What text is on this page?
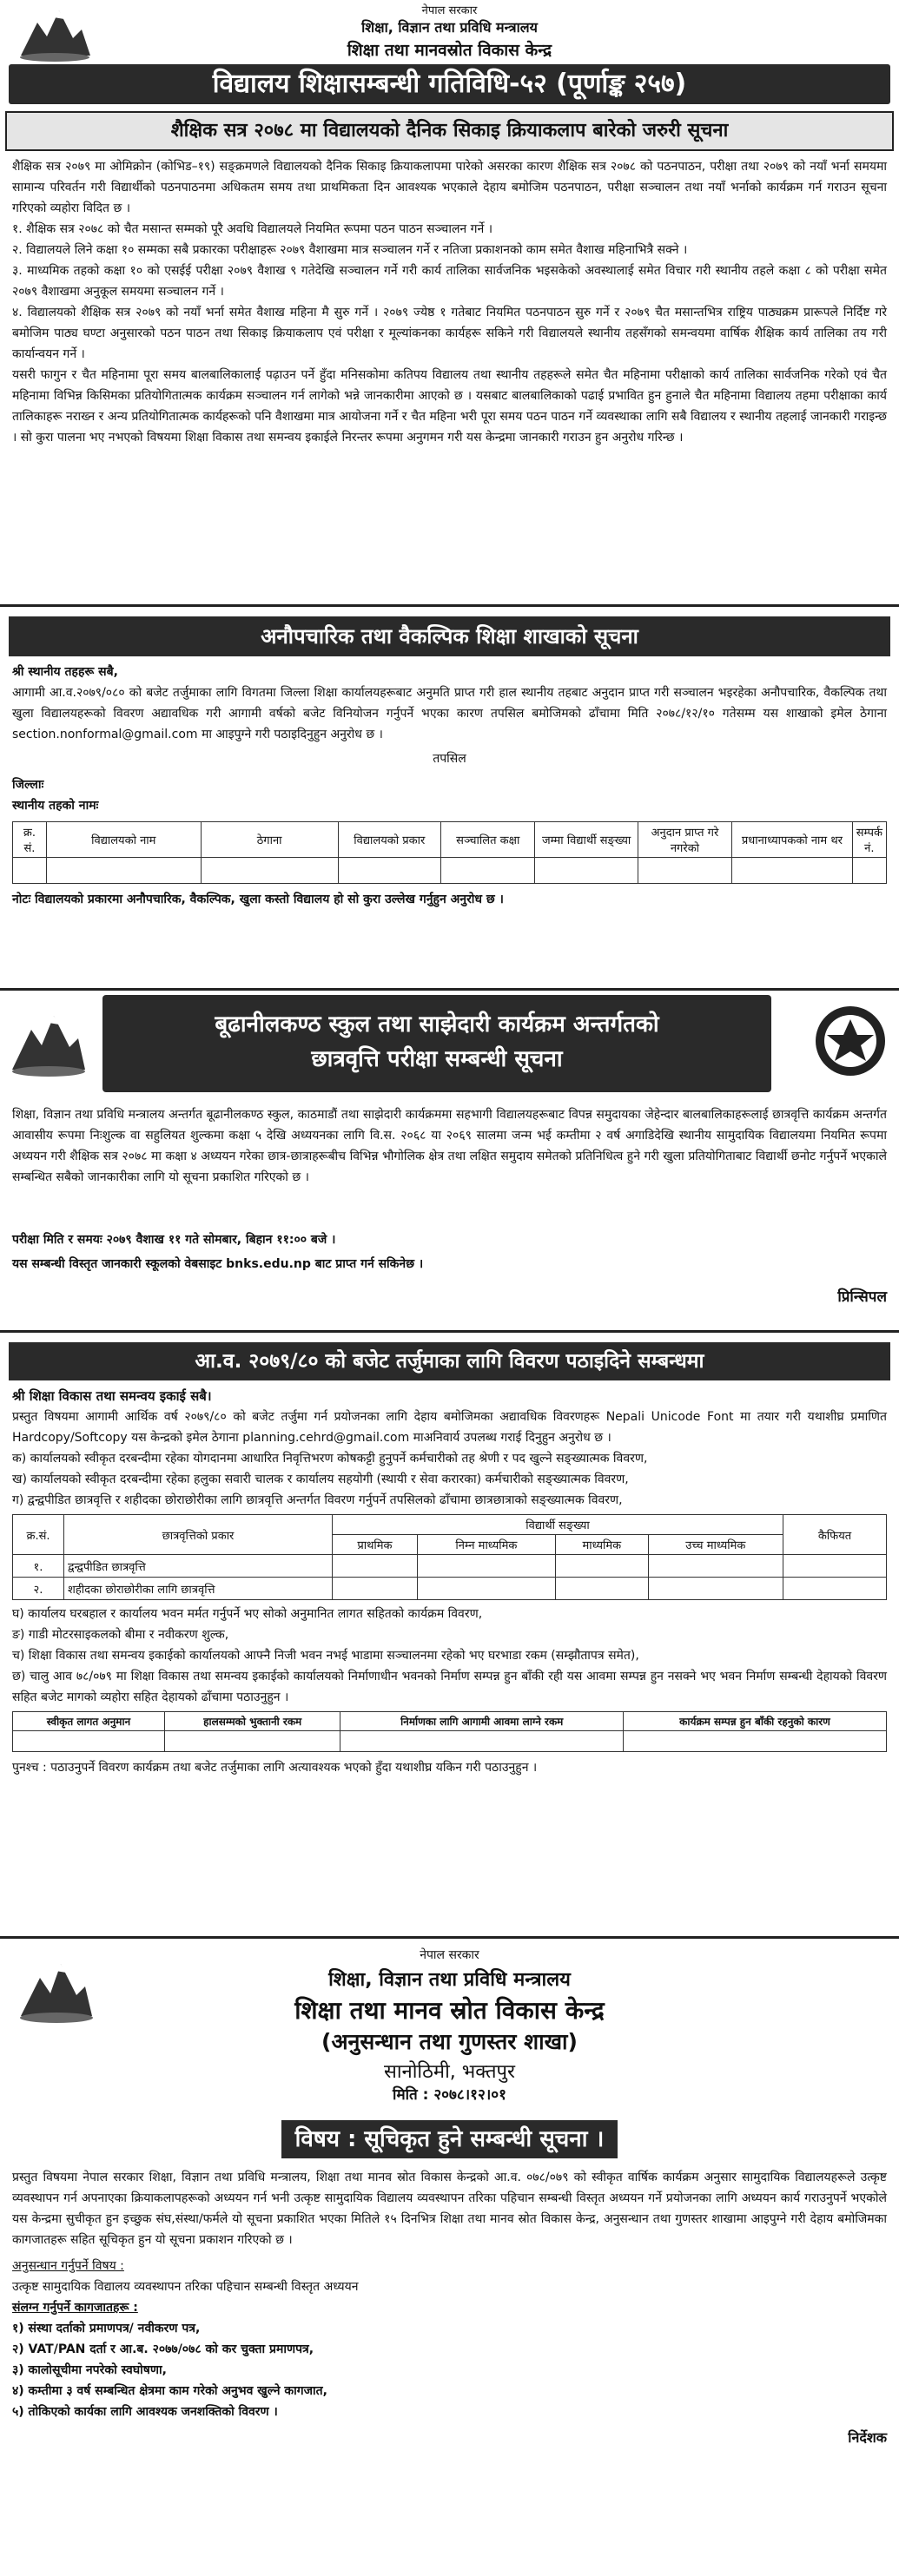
नेपाल सरकार
शिक्षा, विज्ञान तथा प्रविधि मन्त्रालय
शिक्षा तथा मानवस्रोत विकास केन्द्र
विद्यालय शिक्षासम्बन्धी गतिविधि-५२ (पूर्णाङ्क २५७)
शैक्षिक सत्र २०७८ मा विद्यालयको दैनिक सिकाइ क्रियाकलाप बारेको जरुरी सूचना

शैक्षिक सत्र २०७९ मा ओमिक्रोन (कोभिड–१९) सङ्क्रमणले विद्यालयको दैनिक सिकाइ क्रियाकलापमा पारेको असरका कारण शैक्षिक सत्र २०७८ को पठनपाठन, परीक्षा तथा २०७९ को नयाँ भर्ना समयमा सामान्य परिवर्तन गरी विद्यार्थीको पठनपाठनमा अधिकतम समय तथा प्राथमिकता दिन आवश्यक भएकाले देहाय बमोजिम पठनपाठन, परीक्षा सञ्चालन तथा नयाँ भर्नाको कार्यक्रम गर्न गराउन सूचना गरिएको व्यहोरा विदित छ ।

१. शैक्षिक सत्र २०७८ को चैत मसान्त सम्मको पूरै अवधि विद्यालयले नियमित रूपमा पठन पाठन सञ्चालन गर्ने ।
२. विद्यालयले लिने कक्षा १० सम्मका सबै प्रकारका परीक्षाहरू २०७९ वैशाखमा मात्र सञ्चालन गर्ने र नतिजा प्रकाशनको काम समेत वैशाख महिनाभित्रै सक्ने ।
३. माध्यमिक तहको कक्षा १० को एसईई परीक्षा २०७९ वैशाख ९ गतेदेखि सञ्चालन गर्ने गरी कार्य तालिका सार्वजनिक भइसकेको अवस्थालाई समेत विचार गरी स्थानीय तहले कक्षा ८ को परीक्षा समेत २०७९ वैशाखमा अनुकूल समयमा सञ्चालन गर्ने ।
४. विद्यालयको शैक्षिक सत्र २०७९ को नयाँ भर्ना समेत वैशाख महिना मै सुरु गर्ने । २०७९ ज्येष्ठ १ गतेबाट नियमित पठनपाठन सुरु गर्ने र २०७९ चैत मसान्तभित्र राष्ट्रिय पाठ्यक्रम प्रारूपले निर्दिष्ट गरे बमोजिम पाठ्य घण्टा अनुसारको पठन पाठन तथा सिकाइ क्रियाकलाप एवं परीक्षा र मूल्यांकनका कार्यहरू सकिने गरी विद्यालयले स्थानीय तहसँगको समन्वयमा वार्षिक शैक्षिक कार्य तालिका तय गरी कार्यान्वयन गर्ने ।

यसरी फागुन र चैत महिनामा पूरा समय बालबालिकालाई पढ़ाउन पर्ने हुँदा मनिसकोमा कतिपय विद्यालय तथा स्थानीय तहहरूले समेत चैत महिनामा परीक्षाको कार्य तालिका सार्वजनिक गरेको एवं चैत महिनामा विभिन्न किसिमका प्रतियोगितात्मक कार्यक्रम सञ्चालन गर्न लागेको भन्ने जानकारीमा आएको छ । यसबाट बालबालिकाको पढाई प्रभावित हुन हुनाले चैत महिनामा विद्यालय तहमा परीक्षाका कार्य तालिकाहरू नराख्न र अन्य प्रतियोगितात्मक कार्यहरूको पनि वैशाखमा मात्र आयोजना गर्ने र चैत महिना भरी पूरा समय पठन पाठन गर्ने व्यवस्थाका लागि सबै विद्यालय र स्थानीय तहलाई जानकारी गराइन्छ । सो कुरा पालना भए नभएको विषयमा शिक्षा विकास तथा समन्वय इकाईले निरन्तर रूपमा अनुगमन गरी यस केन्द्रमा जानकारी गराउन हुन अनुरोध गरिन्छ ।

अनौपचारिक तथा वैकल्पिक शिक्षा शाखाको सूचना

श्री स्थानीय तहहरू सबै,

आगामी आ.व.२०७९/०८० को बजेट तर्जुमाका लागि विगतमा जिल्ला शिक्षा कार्यालयहरूबाट अनुमति प्राप्त गरी हाल स्थानीय तहबाट अनुदान प्राप्त गरी सञ्चालन भइरहेका अनौपचारिक, वैकल्पिक तथा खुला विद्यालयहरूको विवरण अद्यावधिक गरी आगामी वर्षको बजेट विनियोजन गर्नुपर्ने भएका कारण तपसिल बमोजिमको ढाँचामा मिति २०७८/१२/१० गतेसम्म यस शाखाको इमेल ठेगाना section.nonformal@gmail.com मा आइपुग्ने गरी पठाइदिनुहुन अनुरोध छ ।

तपसिल

जिल्लाः

स्थानीय तहको नामः

क्र. सं.	विद्यालयको नाम	ठेगाना	विद्यालयको प्रकार	सञ्चालित कक्षा	जम्मा विद्यार्थी सङ्ख्या	अनुदान प्राप्त गरे नगरेको	प्रधानाध्यापकको नाम थर	सम्पर्क नं.

नोटः विद्यालयको प्रकारमा अनौपचारिक, वैकल्पिक, खुला कस्तो विद्यालय हो सो कुरा उल्लेख गर्नुहुन अनुरोध छ ।

बूढानीलकण्ठ स्कुल तथा साझेदारी कार्यक्रम अन्तर्गतको
छात्रवृत्ति परीक्षा सम्बन्धी सूचना

शिक्षा, विज्ञान तथा प्रविधि मन्त्रालय अन्तर्गत बूढानीलकण्ठ स्कुल, काठमाडौं तथा साझेदारी कार्यक्रममा सहभागी विद्यालयहरूबाट विपन्न समुदायका जेहेन्दार बालबालिकाहरूलाई छात्रवृत्ति कार्यक्रम अन्तर्गत आवासीय रूपमा निःशुल्क वा सहुलियत शुल्कमा कक्षा ५ देखि अध्ययनका लागि वि.स. २०६८ या २०६९ सालमा जन्म भई कम्तीमा २ वर्ष अगाडिदेखि स्थानीय सामुदायिक विद्यालयमा नियमित रूपमा अध्ययन गरी शैक्षिक सत्र २०७८ मा कक्षा ४ अध्ययन गरेका छात्र-छात्राहरूबीच विभिन्न भौगोलिक क्षेत्र तथा लक्षित समुदाय समेतको प्रतिनिधित्व हुने गरी खुला प्रतियोगिताबाट विद्यार्थी छनोट गर्नुपर्ने भएकाले सम्बन्धित सबैको जानकारीका लागि यो सूचना प्रकाशित गरिएको छ ।

परीक्षा मिति र समयः २०७९ वैशाख ११ गते सोमबार, बिहान ११:०० बजे ।

यस सम्बन्धी विस्तृत जानकारी स्कूलको वेबसाइट bnks.edu.np बाट प्राप्त गर्न सकिनेछ ।

प्रिन्सिपल

आ.व. २०७९/८० को बजेट तर्जुमाका लागि विवरण पठाइदिने सम्बन्धमा

श्री शिक्षा विकास तथा समन्वय इकाई सबै।

प्रस्तुत विषयमा आगामी आर्थिक वर्ष २०७९/८० को बजेट तर्जुमा गर्न प्रयोजनका लागि देहाय बमोजिमका अद्यावधिक विवरणहरू Nepali Unicode Font मा तयार गरी यथाशीघ्र प्रमाणित Hardcopy/Softcopy यस केन्द्रको इमेल ठेगाना planning.cehrd@gmail.com माअनिवार्य उपलब्ध गराई दिनुहुन अनुरोध छ ।

क) कार्यालयको स्वीकृत दरबन्दीमा रहेका योगदानमा आधारित निवृत्तिभरण कोषकट्टी हुनुपर्ने कर्मचारीको तह श्रेणी र पद खुल्ने सङ्ख्यात्मक विवरण,
ख) कार्यालयको स्वीकृत दरबन्दीमा रहेका हलुका सवारी चालक र कार्यालय सहयोगी (स्थायी र सेवा करारका) कर्मचारीको सङ्ख्यात्मक विवरण,
ग) द्वन्द्वपीडित छात्रवृत्ति र शहीदका छोराछोरीका लागि छात्रवृत्ति अन्तर्गत विवरण गर्नुपर्ने तपसिलको ढाँचामा छात्रछात्राको सङ्ख्यात्मक विवरण,
क्र.सं.	छात्रवृत्तिको प्रकार	विद्यार्थी सङ्ख्या				कैफियत
		प्राथमिक	निम्न माध्यमिक	माध्यमिक	उच्च माध्यमिक	
१.	द्वन्द्वपीडित छात्रवृत्ति					
२.	शहीदका छोराछोरीका लागि छात्रवृत्ति					
घ) कार्यालय घरबहाल र कार्यालय भवन मर्मत गर्नुपर्ने भए सोको अनुमानित लागत सहितको कार्यक्रम विवरण,
ङ) गाडी मोटरसाइकलको बीमा र नवीकरण शुल्क,
च) शिक्षा विकास तथा समन्वय इकाईको कार्यालयको आफ्नै निजी भवन नभई भाडामा सञ्चालनमा रहेको भए घरभाडा रकम (सम्झौतापत्र समेत),
छ) चालु आव ७८/०७९ मा शिक्षा विकास तथा समन्वय इकाईको कार्यालयको निर्माणाधीन भवनको निर्माण सम्पन्न हुन बाँकी रही यस आवमा सम्पन्न हुन नसक्ने भए भवन निर्माण सम्बन्धी देहायको विवरण सहित बजेट मागको व्यहोरा सहित देहायको ढाँचामा पठाउनुहुन ।
स्वीकृत लागत अनुमान	हालसम्मको भुक्तानी रकम	निर्माणका लागि आगामी आवमा लाग्ने रकम	कार्यक्रम सम्पन्न हुन बाँकी रहनुको कारण

पुनश्च : पठाउनुपर्ने विवरण कार्यक्रम तथा बजेट तर्जुमाका लागि अत्यावश्यक भएको हुँदा यथाशीघ्र यकिन गरी पठाउनुहुन ।

नेपाल सरकार
शिक्षा, विज्ञान तथा प्रविधि मन्त्रालय
शिक्षा तथा मानव स्रोत विकास केन्द्र
(अनुसन्धान तथा गुणस्तर शाखा)
सानोठिमी, भक्तपुर
मिति : २०७८।१२।०१
विषय : सूचिकृत हुने सम्बन्धी सूचना ।

प्रस्तुत विषयमा नेपाल सरकार शिक्षा, विज्ञान तथा प्रविधि मन्त्रालय, शिक्षा तथा मानव स्रोत विकास केन्द्रको आ.व. ०७८/०७९ को स्वीकृत वार्षिक कार्यक्रम अनुसार सामुदायिक विद्यालयहरूले उत्कृष्ट व्यवस्थापन गर्न अपनाएका क्रियाकलापहरूको अध्ययन गर्न भनी उत्कृष्ट सामुदायिक विद्यालय व्यवस्थापन तरिका पहिचान सम्बन्धी विस्तृत अध्ययन गर्ने प्रयोजनका लागि अध्ययन कार्य गराउनुपर्ने भएकोले यस केन्द्रमा सुचीकृत हुन इच्छुक संघ,संस्था/फर्मले यो सूचना प्रकाशित भएका मितिले १५ दिनभित्र शिक्षा तथा मानव स्रोत विकास केन्द्र, अनुसन्धान तथा गुणस्तर शाखामा आइपुग्ने गरी देहाय बमोजिमका कागजातहरू सहित सूचिकृत हुन यो सूचना प्रकाशन गरिएको छ ।

अनुसन्धान गर्नुपर्ने विषय :

उत्कृष्ट सामुदायिक विद्यालय व्यवस्थापन तरिका पहिचान सम्बन्धी विस्तृत अध्ययन

संलग्न गर्नुपर्ने कागजातहरू :

१) संस्था दर्ताको प्रमाणपत्र/ नवीकरण पत्र,
२) VAT/PAN दर्ता र आ.ब. २०७७/०७८ को कर चुक्ता प्रमाणपत्र,
३) कालोसूचीमा नपरेको स्वघोषणा,
४) कम्तीमा ३ वर्ष सम्बन्धित क्षेत्रमा काम गरेको अनुभव खुल्ने कागजात,
५) तोकिएको कार्यका लागि आवश्यक जनशक्तिको विवरण ।

निर्देशक
